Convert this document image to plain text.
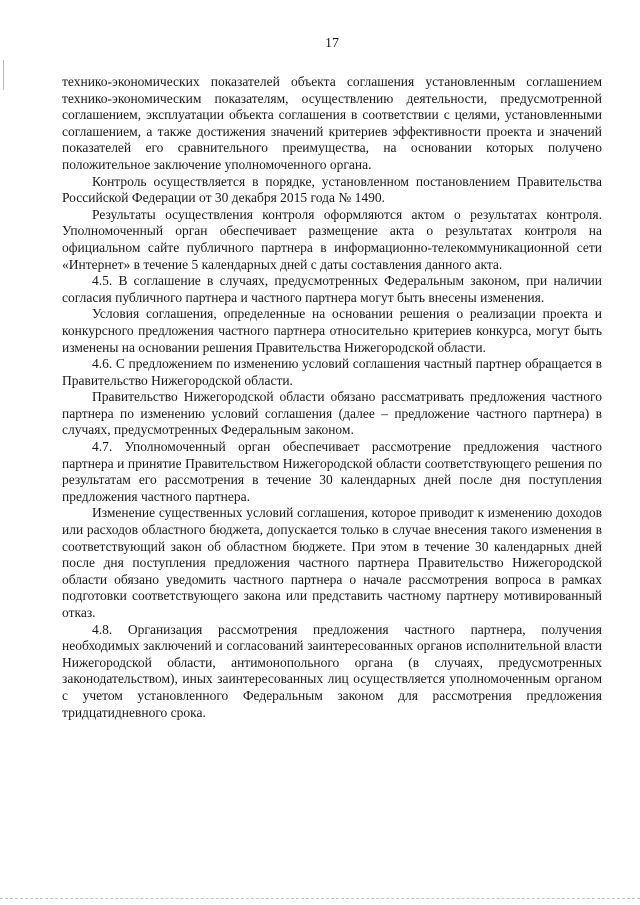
17

технико-экономических показателей объекта соглашения установленным соглашением технико-экономическим показателям, осуществлению деятельности, предусмотренной соглашением, эксплуатации объекта соглашения в соответствии с целями, установленными соглашением, а также достижения значений критериев эффективности проекта и значений показателей его сравнительного преимущества, на основании которых получено положительное заключение уполномоченного органа.

Контроль осуществляется в порядке, установленном постановлением Правительства Российской Федерации от 30 декабря 2015 года № 1490.

Результаты осуществления контроля оформляются актом о результатах контроля. Уполномоченный орган обеспечивает размещение акта о результатах контроля на официальном сайте публичного партнера в информационно-телекоммуникационной сети «Интернет» в течение 5 календарных дней с даты составления данного акта.

4.5. В соглашение в случаях, предусмотренных Федеральным законом, при наличии согласия публичного партнера и частного партнера могут быть внесены изменения.

Условия соглашения, определенные на основании решения о реализации проекта и конкурсного предложения частного партнера относительно критериев конкурса, могут быть изменены на основании решения Правительства Нижегородской области.

4.6. С предложением по изменению условий соглашения частный партнер обращается в Правительство Нижегородской области.

Правительство Нижегородской области обязано рассматривать предложения частного партнера по изменению условий соглашения (далее – предложение частного партнера) в случаях, предусмотренных Федеральным законом.

4.7. Уполномоченный орган обеспечивает рассмотрение предложения частного партнера и принятие Правительством Нижегородской области соответствующего решения по результатам его рассмотрения в течение 30 календарных дней после дня поступления предложения частного партнера.

Изменение существенных условий соглашения, которое приводит к изменению доходов или расходов областного бюджета, допускается только в случае внесения такого изменения в соответствующий закон об областном бюджете. При этом в течение 30 календарных дней после дня поступления предложения частного партнера Правительство Нижегородской области обязано уведомить частного партнера о начале рассмотрения вопроса в рамках подготовки соответствующего закона или представить частному партнеру мотивированный отказ.

4.8. Организация рассмотрения предложения частного партнера, получения необходимых заключений и согласований заинтересованных органов исполнительной власти Нижегородской области, антимонопольного органа (в случаях, предусмотренных законодательством), иных заинтересованных лиц осуществляется уполномоченным органом с учетом установленного Федеральным законом для рассмотрения предложения тридцатидневного срока.
